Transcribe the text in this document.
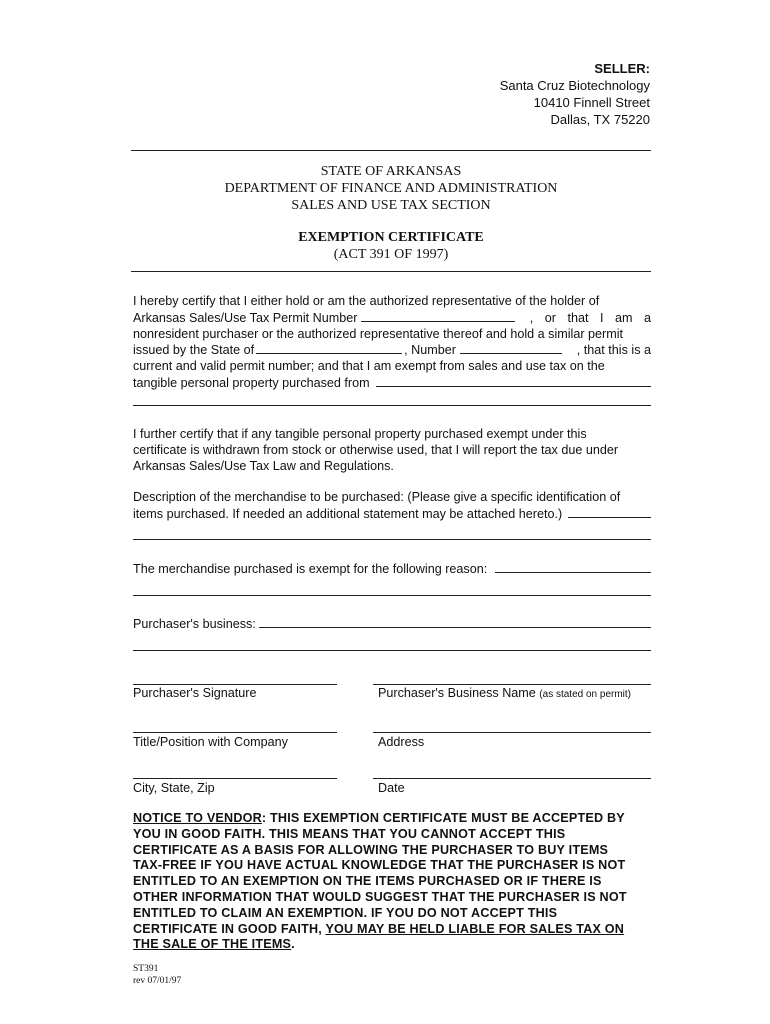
SELLER:
Santa Cruz Biotechnology
10410 Finnell Street
Dallas, TX 75220
STATE OF ARKANSAS
DEPARTMENT OF FINANCE AND ADMINISTRATION
SALES AND USE TAX SECTION
EXEMPTION CERTIFICATE
(ACT 391 OF 1997)
I hereby certify that I either hold or am the authorized representative of the holder of
Arkansas Sales/Use Tax Permit Number	, or that I am a
nonresident purchaser or the authorized representative thereof and hold a similar permit
issued by the State of	, Number	, that this is a
current and valid permit number; and that I am exempt from sales and use tax on the
tangible personal property purchased from
I further certify that if any tangible personal property purchased exempt under this
certificate is withdrawn from stock or otherwise used, that I will report the tax due under
Arkansas Sales/Use Tax Law and Regulations.
Description of the merchandise to be purchased: (Please give a specific identification of
items purchased. If needed an additional statement may be attached hereto.)
The merchandise purchased is exempt for the following reason:
Purchaser's business:
Purchaser's Signature	Purchaser's Business Name (as stated on permit)
Title/Position with Company	Address
City, State, Zip	Date
NOTICE TO VENDOR: THIS EXEMPTION CERTIFICATE MUST BE ACCEPTED BY
YOU IN GOOD FAITH. THIS MEANS THAT YOU CANNOT ACCEPT THIS
CERTIFICATE AS A BASIS FOR ALLOWING THE PURCHASER TO BUY ITEMS
TAX-FREE IF YOU HAVE ACTUAL KNOWLEDGE THAT THE PURCHASER IS NOT
ENTITLED TO AN EXEMPTION ON THE ITEMS PURCHASED OR IF THERE IS
OTHER INFORMATION THAT WOULD SUGGEST THAT THE PURCHASER IS NOT
ENTITLED TO CLAIM AN EXEMPTION. IF YOU DO NOT ACCEPT THIS
CERTIFICATE IN GOOD FAITH, YOU MAY BE HELD LIABLE FOR SALES TAX ON
THE SALE OF THE ITEMS.
ST391
rev 07/01/97
